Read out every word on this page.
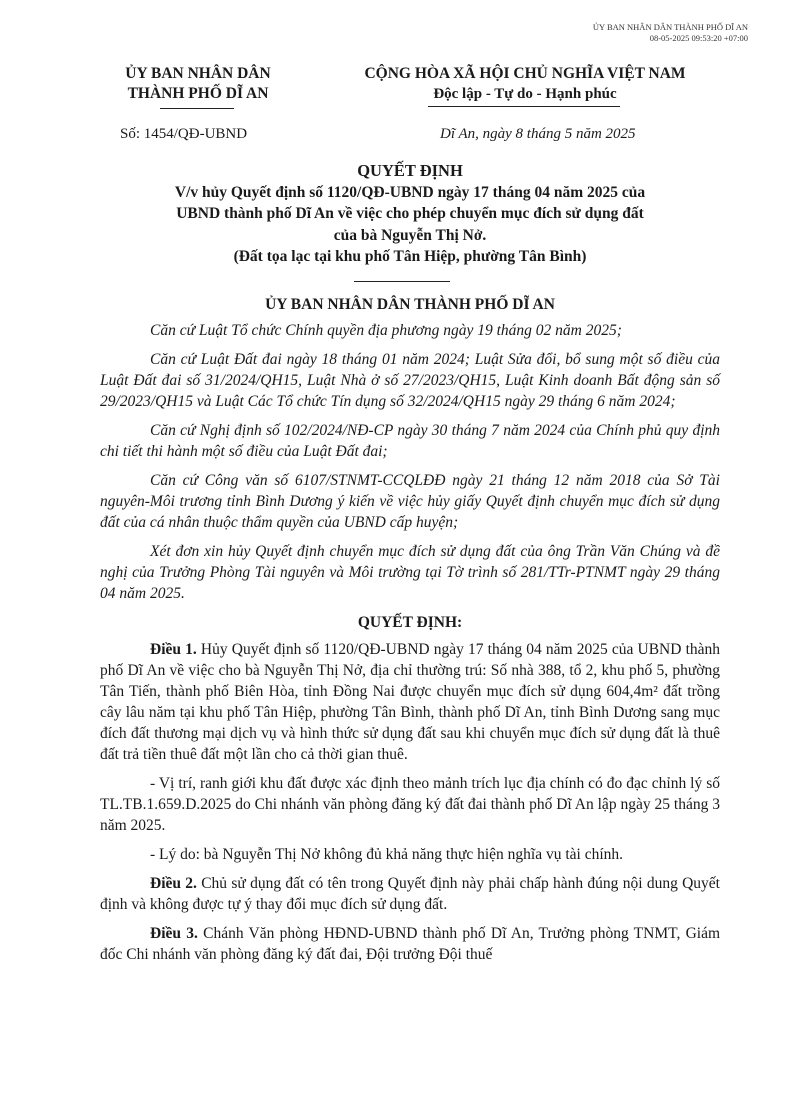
ỦY BAN NHÂN DÂN THÀNH PHỐ DĨ AN
08-05-2025 09:53:20 +07:00
ỦY BAN NHÂN DÂN
THÀNH PHỐ DĨ AN
CỘNG HÒA XÃ HỘI CHỦ NGHĨA VIỆT NAM
Độc lập - Tự do - Hạnh phúc
Số: 1454/QĐ-UBND	Dĩ An, ngày 8 tháng 5 năm 2025
QUYẾT ĐỊNH
V/v hủy Quyết định số 1120/QĐ-UBND ngày 17 tháng 04 năm 2025 của
UBND thành phố Dĩ An về việc cho phép chuyển mục đích sử dụng đất
của bà Nguyễn Thị Nở.
(Đất tọa lạc tại khu phố Tân Hiệp, phường Tân Bình)
ỦY BAN NHÂN DÂN THÀNH PHỐ DĨ AN

Căn cứ Luật Tổ chức Chính quyền địa phương ngày 19 tháng 02 năm 2025;

Căn cứ Luật Đất đai ngày 18 tháng 01 năm 2024; Luật Sửa đổi, bổ sung một số điều của Luật Đất đai số 31/2024/QH15, Luật Nhà ở số 27/2023/QH15, Luật Kinh doanh Bất động sản số 29/2023/QH15 và Luật Các Tổ chức Tín dụng số 32/2024/QH15 ngày 29 tháng 6 năm 2024;

Căn cứ Nghị định số 102/2024/NĐ-CP ngày 30 tháng 7 năm 2024 của Chính phủ quy định chi tiết thi hành một số điều của Luật Đất đai;

Căn cứ Công văn số 6107/STNMT-CCQLĐĐ ngày 21 tháng 12 năm 2018 của Sở Tài nguyên-Môi trương tỉnh Bình Dương ý kiến về việc hủy giấy Quyết định chuyển mục đích sử dụng đất của cá nhân thuộc thẩm quyền của UBND cấp huyện;

Xét đơn xin hủy Quyết định chuyển mục đích sử dụng đất của ông Trần Văn Chúng và đề nghị của Trưởng Phòng Tài nguyên và Môi trường tại Tờ trình số 281/TTr-PTNMT ngày 29 tháng 04 năm 2025.

QUYẾT ĐỊNH:

Điều 1. Hủy Quyết định số 1120/QĐ-UBND ngày 17 tháng 04 năm 2025 của UBND thành phố Dĩ An về việc cho bà Nguyễn Thị Nở, địa chỉ thường trú: Số nhà 388, tổ 2, khu phố 5, phường Tân Tiến, thành phố Biên Hòa, tỉnh Đồng Nai được chuyển mục đích sử dụng 604,4m² đất trồng cây lâu năm tại khu phố Tân Hiệp, phường Tân Bình, thành phố Dĩ An, tỉnh Bình Dương sang mục đích đất thương mại dịch vụ và hình thức sử dụng đất sau khi chuyển mục đích sử dụng đất là thuê đất trả tiền thuê đất một lần cho cả thời gian thuê.

- Vị trí, ranh giới khu đất được xác định theo mảnh trích lục địa chính có đo đạc chỉnh lý số TL.TB.1.659.D.2025 do Chi nhánh văn phòng đăng ký đất đai thành phố Dĩ An lập ngày 25 tháng 3 năm 2025.

- Lý do: bà Nguyễn Thị Nở không đủ khả năng thực hiện nghĩa vụ tài chính.

Điều 2. Chủ sử dụng đất có tên trong Quyết định này phải chấp hành đúng nội dung Quyết định và không được tự ý thay đổi mục đích sử dụng đất.

Điều 3. Chánh Văn phòng HĐND-UBND thành phố Dĩ An, Trưởng phòng TNMT, Giám đốc Chi nhánh văn phòng đăng ký đất đai, Đội trưởng Đội thuế
